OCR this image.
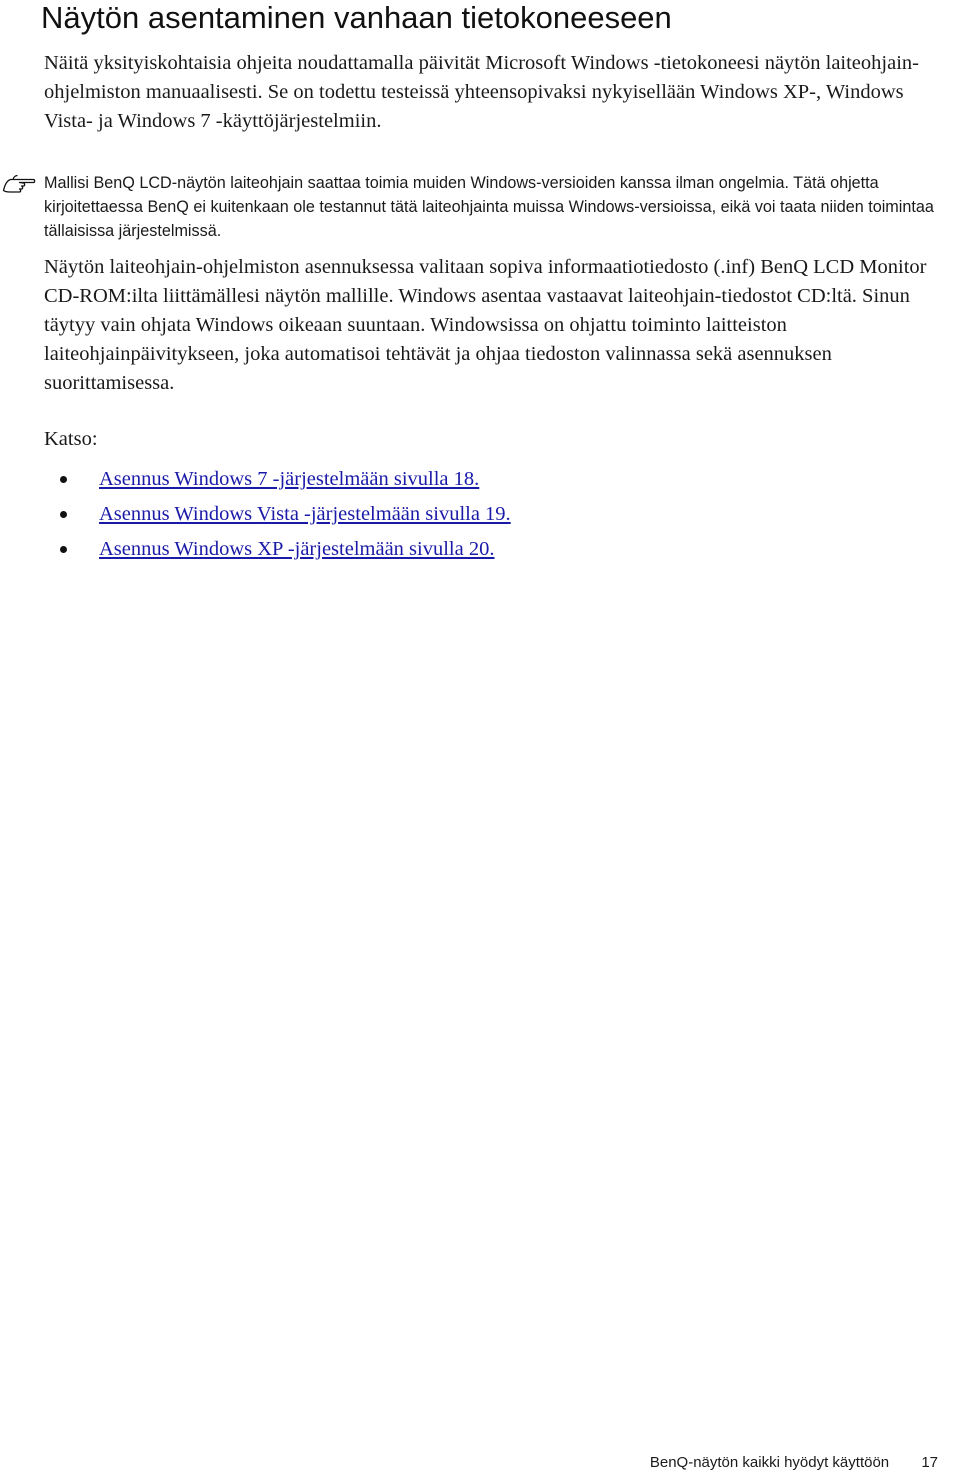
Näytön asentaminen vanhaan tietokoneeseen

Näitä yksityiskohtaisia ohjeita noudattamalla päivität Microsoft Windows -tietokoneesi näytön laiteohjain-ohjelmiston manuaalisesti. Se on todettu testeissä yhteensopivaksi nykyisellään Windows XP-, Windows Vista- ja Windows 7 -käyttöjärjestelmiin.

Mallisi BenQ LCD-näytön laiteohjain saattaa toimia muiden Windows-versioiden kanssa ilman ongelmia. Tätä ohjetta kirjoitettaessa BenQ ei kuitenkaan ole testannut tätä laiteohjainta muissa Windows-versioissa, eikä voi taata niiden toimintaa tällaisissa järjestelmissä.

Näytön laiteohjain-ohjelmiston asennuksessa valitaan sopiva informaatiotiedosto (.inf) BenQ LCD Monitor CD-ROM:ilta liittämällesi näytön mallille. Windows asentaa vastaavat laiteohjain-tiedostot CD:ltä. Sinun täytyy vain ohjata Windows oikeaan suuntaan. Windowsissa on ohjattu toiminto laitteiston laiteohjainpäivitykseen, joka automatisoi tehtävät ja ohjaa tiedoston valinnassa sekä asennuksen suorittamisessa.

Katso:

Asennus Windows 7 -järjestelmään sivulla 18.
Asennus Windows Vista -järjestelmään sivulla 19.
Asennus Windows XP -järjestelmään sivulla 20.
BenQ-näytön kaikki hyödyt käyttöön 17
